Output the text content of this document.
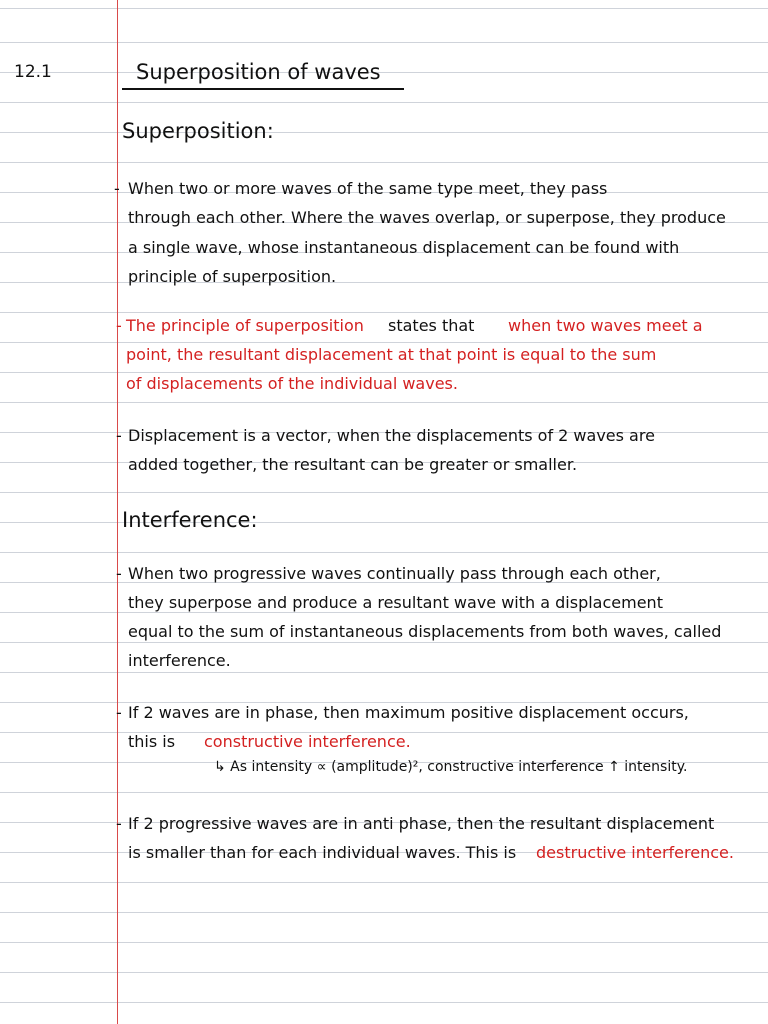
12.1	Superposition of waves
Superposition:
- When two or more waves of the same type meet, they pass
through each other. Where the waves overlap, or superpose, they produce
a single wave, whose instantaneous displacement can be found with
principle of superposition.
- The principle of superposition states that when two waves meet a
point, the resultant displacement at that point is equal to the sum
of displacements of the individual waves.
- Displacement is a vector, when the displacements of 2 waves are
added together, the resultant can be greater or smaller.
Interference:
- When two progressive waves continually pass through each other,
they superpose and produce a resultant wave with a displacement
equal to the sum of instantaneous displacements from both waves, called
interference.
- If 2 waves are in phase, then maximum positive displacement occurs,
this is constructive interference.
↳ As intensity ∝ (amplitude)², constructive interference ↑ intensity.
- If 2 progressive waves are in anti phase, then the resultant displacement
is smaller than for each individual waves. This is destructive interference.
